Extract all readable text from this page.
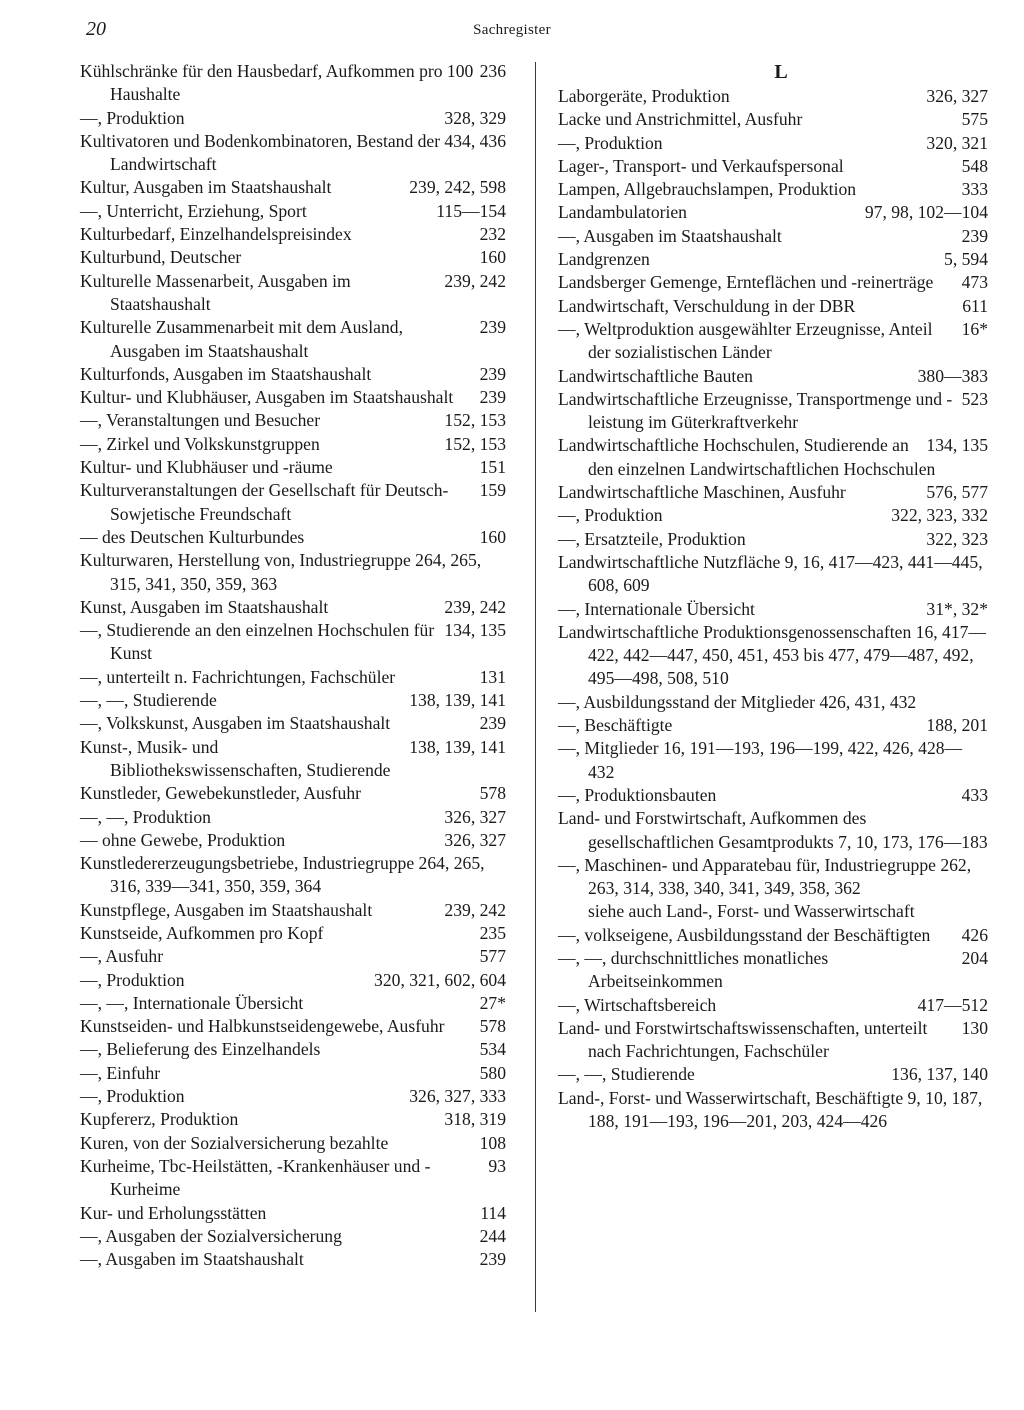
20	Sachregister
236
Kühlschränke für den Hausbedarf, Aufkommen pro 100 Haushalte
328, 329
—, Produktion
434, 436
Kultivatoren und Bodenkombinatoren, Bestand der Landwirtschaft
239, 242, 598
Kultur, Ausgaben im Staatshaushalt
115—154
—, Unterricht, Erziehung, Sport
232
Kulturbedarf, Einzelhandelspreisindex
160
Kulturbund, Deutscher
239, 242
Kulturelle Massenarbeit, Ausgaben im Staatshaushalt
239
Kulturelle Zusammenarbeit mit dem Ausland, Ausgaben im Staatshaushalt
239
Kulturfonds, Ausgaben im Staatshaushalt
239
Kultur- und Klubhäuser, Ausgaben im Staatshaushalt
152, 153
—, Veranstaltungen und Besucher
152, 153
—, Zirkel und Volkskunstgruppen
151
Kultur- und Klubhäuser und -räume
159
Kulturveranstaltungen der Gesellschaft für Deutsch-Sowjetische Freundschaft
160
— des Deutschen Kulturbundes
Kulturwaren, Herstellung von, Industriegruppe 264, 265, 315, 341, 350, 359, 363
239, 242
Kunst, Ausgaben im Staatshaushalt
134, 135
—, Studierende an den einzelnen Hochschulen für Kunst
131
—, unterteilt n. Fachrichtungen, Fachschüler
138, 139, 141
—, —, Studierende
239
—, Volkskunst, Ausgaben im Staatshaushalt
138, 139, 141
Kunst-, Musik- und Bibliothekswissenschaften, Studierende
578
Kunstleder, Gewebekunstleder, Ausfuhr
326, 327
—, —, Produktion
326, 327
— ohne Gewebe, Produktion
Kunstledererzeugungsbetriebe, Industriegruppe 264, 265, 316, 339—341, 350, 359, 364
239, 242
Kunstpflege, Ausgaben im Staatshaushalt
235
Kunstseide, Aufkommen pro Kopf
577
—, Ausfuhr
320, 321, 602, 604
—, Produktion
27*
—, —, Internationale Übersicht
578
Kunstseiden- und Halbkunstseidengewebe, Ausfuhr
534
—, Belieferung des Einzelhandels
580
—, Einfuhr
326, 327, 333
—, Produktion
318, 319
Kupfererz, Produktion
108
Kuren, von der Sozialversicherung bezahlte
93
Kurheime, Tbc-Heilstätten, -Krankenhäuser und -Kurheime
114
Kur- und Erholungsstätten
244
—, Ausgaben der Sozialversicherung
239
—, Ausgaben im Staatshaushalt
L
326, 327
Laborgeräte, Produktion
575
Lacke und Anstrichmittel, Ausfuhr
320, 321
—, Produktion
548
Lager-, Transport- und Verkaufspersonal
333
Lampen, Allgebrauchslampen, Produktion
97, 98, 102—104
Landambulatorien
239
—, Ausgaben im Staatshaushalt
5, 594
Landgrenzen
473
Landsberger Gemenge, Ernteflächen und -reinerträge
611
Landwirtschaft, Verschuldung in der DBR
16*
—, Weltproduktion ausgewählter Erzeugnisse, Anteil der sozialistischen Länder
380—383
Landwirtschaftliche Bauten
523
Landwirtschaftliche Erzeugnisse, Transportmenge und -leistung im Güterkraftverkehr
134, 135
Landwirtschaftliche Hochschulen, Studierende an den einzelnen Landwirtschaftlichen Hochschulen
576, 577
Landwirtschaftliche Maschinen, Ausfuhr
322, 323, 332
—, Produktion
322, 323
—, Ersatzteile, Produktion
Landwirtschaftliche Nutzfläche 9, 16, 417—423, 441—445, 608, 609
31*, 32*
—, Internationale Übersicht
Landwirtschaftliche Produktionsgenossenschaften 16, 417—422, 442—447, 450, 451, 453 bis 477, 479—487, 492, 495—498, 508, 510
—, Ausbildungsstand der Mitglieder 426, 431, 432
188, 201
—, Beschäftigte
—, Mitglieder 16, 191—193, 196—199, 422, 426, 428—432
433
—, Produktionsbauten
Land- und Forstwirtschaft, Aufkommen des gesellschaftlichen Gesamtprodukts 7, 10, 173, 176—183
—, Maschinen- und Apparatebau für, Industriegruppe 262, 263, 314, 338, 340, 341, 349, 358, 362
siehe auch Land-, Forst- und Wasserwirtschaft
426
—, volkseigene, Ausbildungsstand der Beschäftigten
204
—, —, durchschnittliches monatliches Arbeitseinkommen
417—512
—, Wirtschaftsbereich
130
Land- und Forstwirtschaftswissenschaften, unterteilt nach Fachrichtungen, Fachschüler
136, 137, 140
—, —, Studierende
Land-, Forst- und Wasserwirtschaft, Beschäftigte 9, 10, 187, 188, 191—193, 196—201, 203, 424—426
